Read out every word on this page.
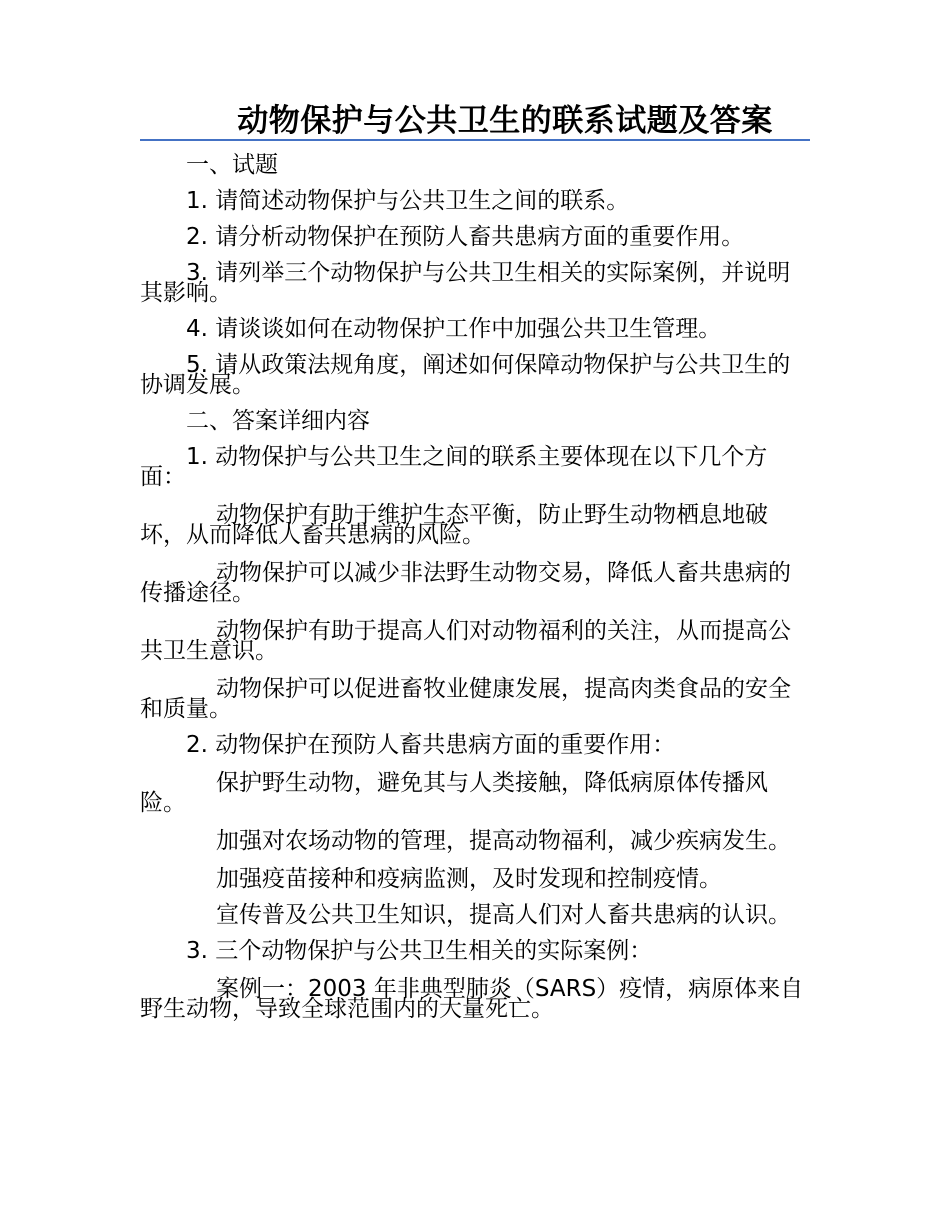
动物保护与公共卫生的联系试题及答案

一、试题

1. 请简述动物保护与公共卫生之间的联系。

2. 请分析动物保护在预防人畜共患病方面的重要作用。

3. 请列举三个动物保护与公共卫生相关的实际案例，并说明其影响。

4. 请谈谈如何在动物保护工作中加强公共卫生管理。

5. 请从政策法规角度，阐述如何保障动物保护与公共卫生的协调发展。

二、答案详细内容

1. 动物保护与公共卫生之间的联系主要体现在以下几个方面：

动物保护有助于维护生态平衡，防止野生动物栖息地破坏，从而降低人畜共患病的风险。

动物保护可以减少非法野生动物交易，降低人畜共患病的传播途径。

动物保护有助于提高人们对动物福利的关注，从而提高公共卫生意识。

动物保护可以促进畜牧业健康发展，提高肉类食品的安全和质量。

2. 动物保护在预防人畜共患病方面的重要作用：

保护野生动物，避免其与人类接触，降低病原体传播风险。

加强对农场动物的管理，提高动物福利，减少疾病发生。

加强疫苗接种和疫病监测，及时发现和控制疫情。

宣传普及公共卫生知识，提高人们对人畜共患病的认识。

3. 三个动物保护与公共卫生相关的实际案例：

案例一：2003 年非典型肺炎（SARS）疫情，病原体来自野生动物，导致全球范围内的大量死亡。
